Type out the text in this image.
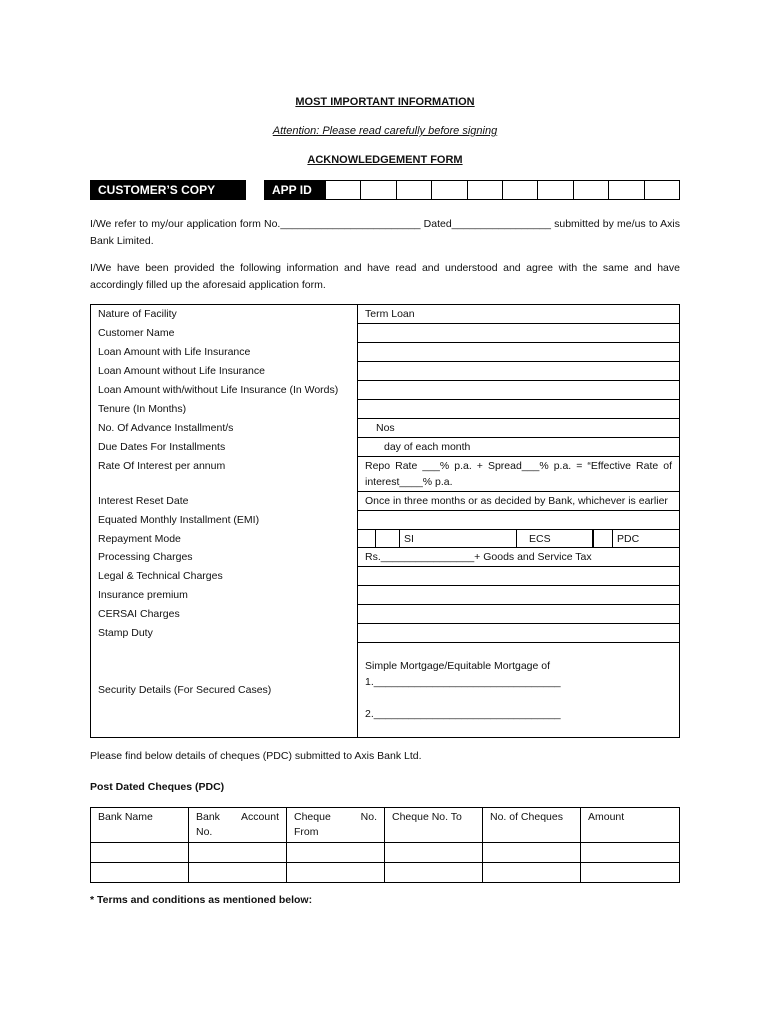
MOST IMPORTANT INFORMATION
Attention: Please read carefully before signing
ACKNOWLEDGEMENT FORM
CUSTOMER’S COPY	APP ID
I/We refer to my/our application form No.________________________ Dated_________________ submitted by me/us to Axis Bank Limited.
I/We have been provided the following information and have read and understood and agree with the same and have accordingly filled up the aforesaid application form.
Nature of Facility	Term Loan
Customer Name	
Loan Amount with Life Insurance	
Loan Amount without Life Insurance	
Loan Amount with/without Life Insurance (In Words)	
Tenure (In Months)	
No. Of Advance Installment/s	Nos
Due Dates For Installments	day of each month
Rate Of Interest per annum	Repo Rate ___% p.a. + Spread___% p.a. = “Effective Rate of interest____% p.a.
Interest Reset Date	Once in three months or as decided by Bank, whichever is earlier
Equated Monthly Installment (EMI)	
Repayment Mode	SI ECS PDC

Processing Charges	Rs.________________+ Goods and Service Tax
Legal & Technical Charges	
Insurance premium	
CERSAI Charges	
Stamp Duty	
Security Details (For Secured Cases)	Simple Mortgage/Equitable Mortgage of
1.________________________________
2.________________________________
Please find below details of cheques (PDC) submitted to Axis Bank Ltd.
Post Dated Cheques (PDC)
Bank Name	Bank Account No.	Cheque No. From	Cheque No. To	No. of Cheques	Amount

* Terms and conditions as mentioned below:
